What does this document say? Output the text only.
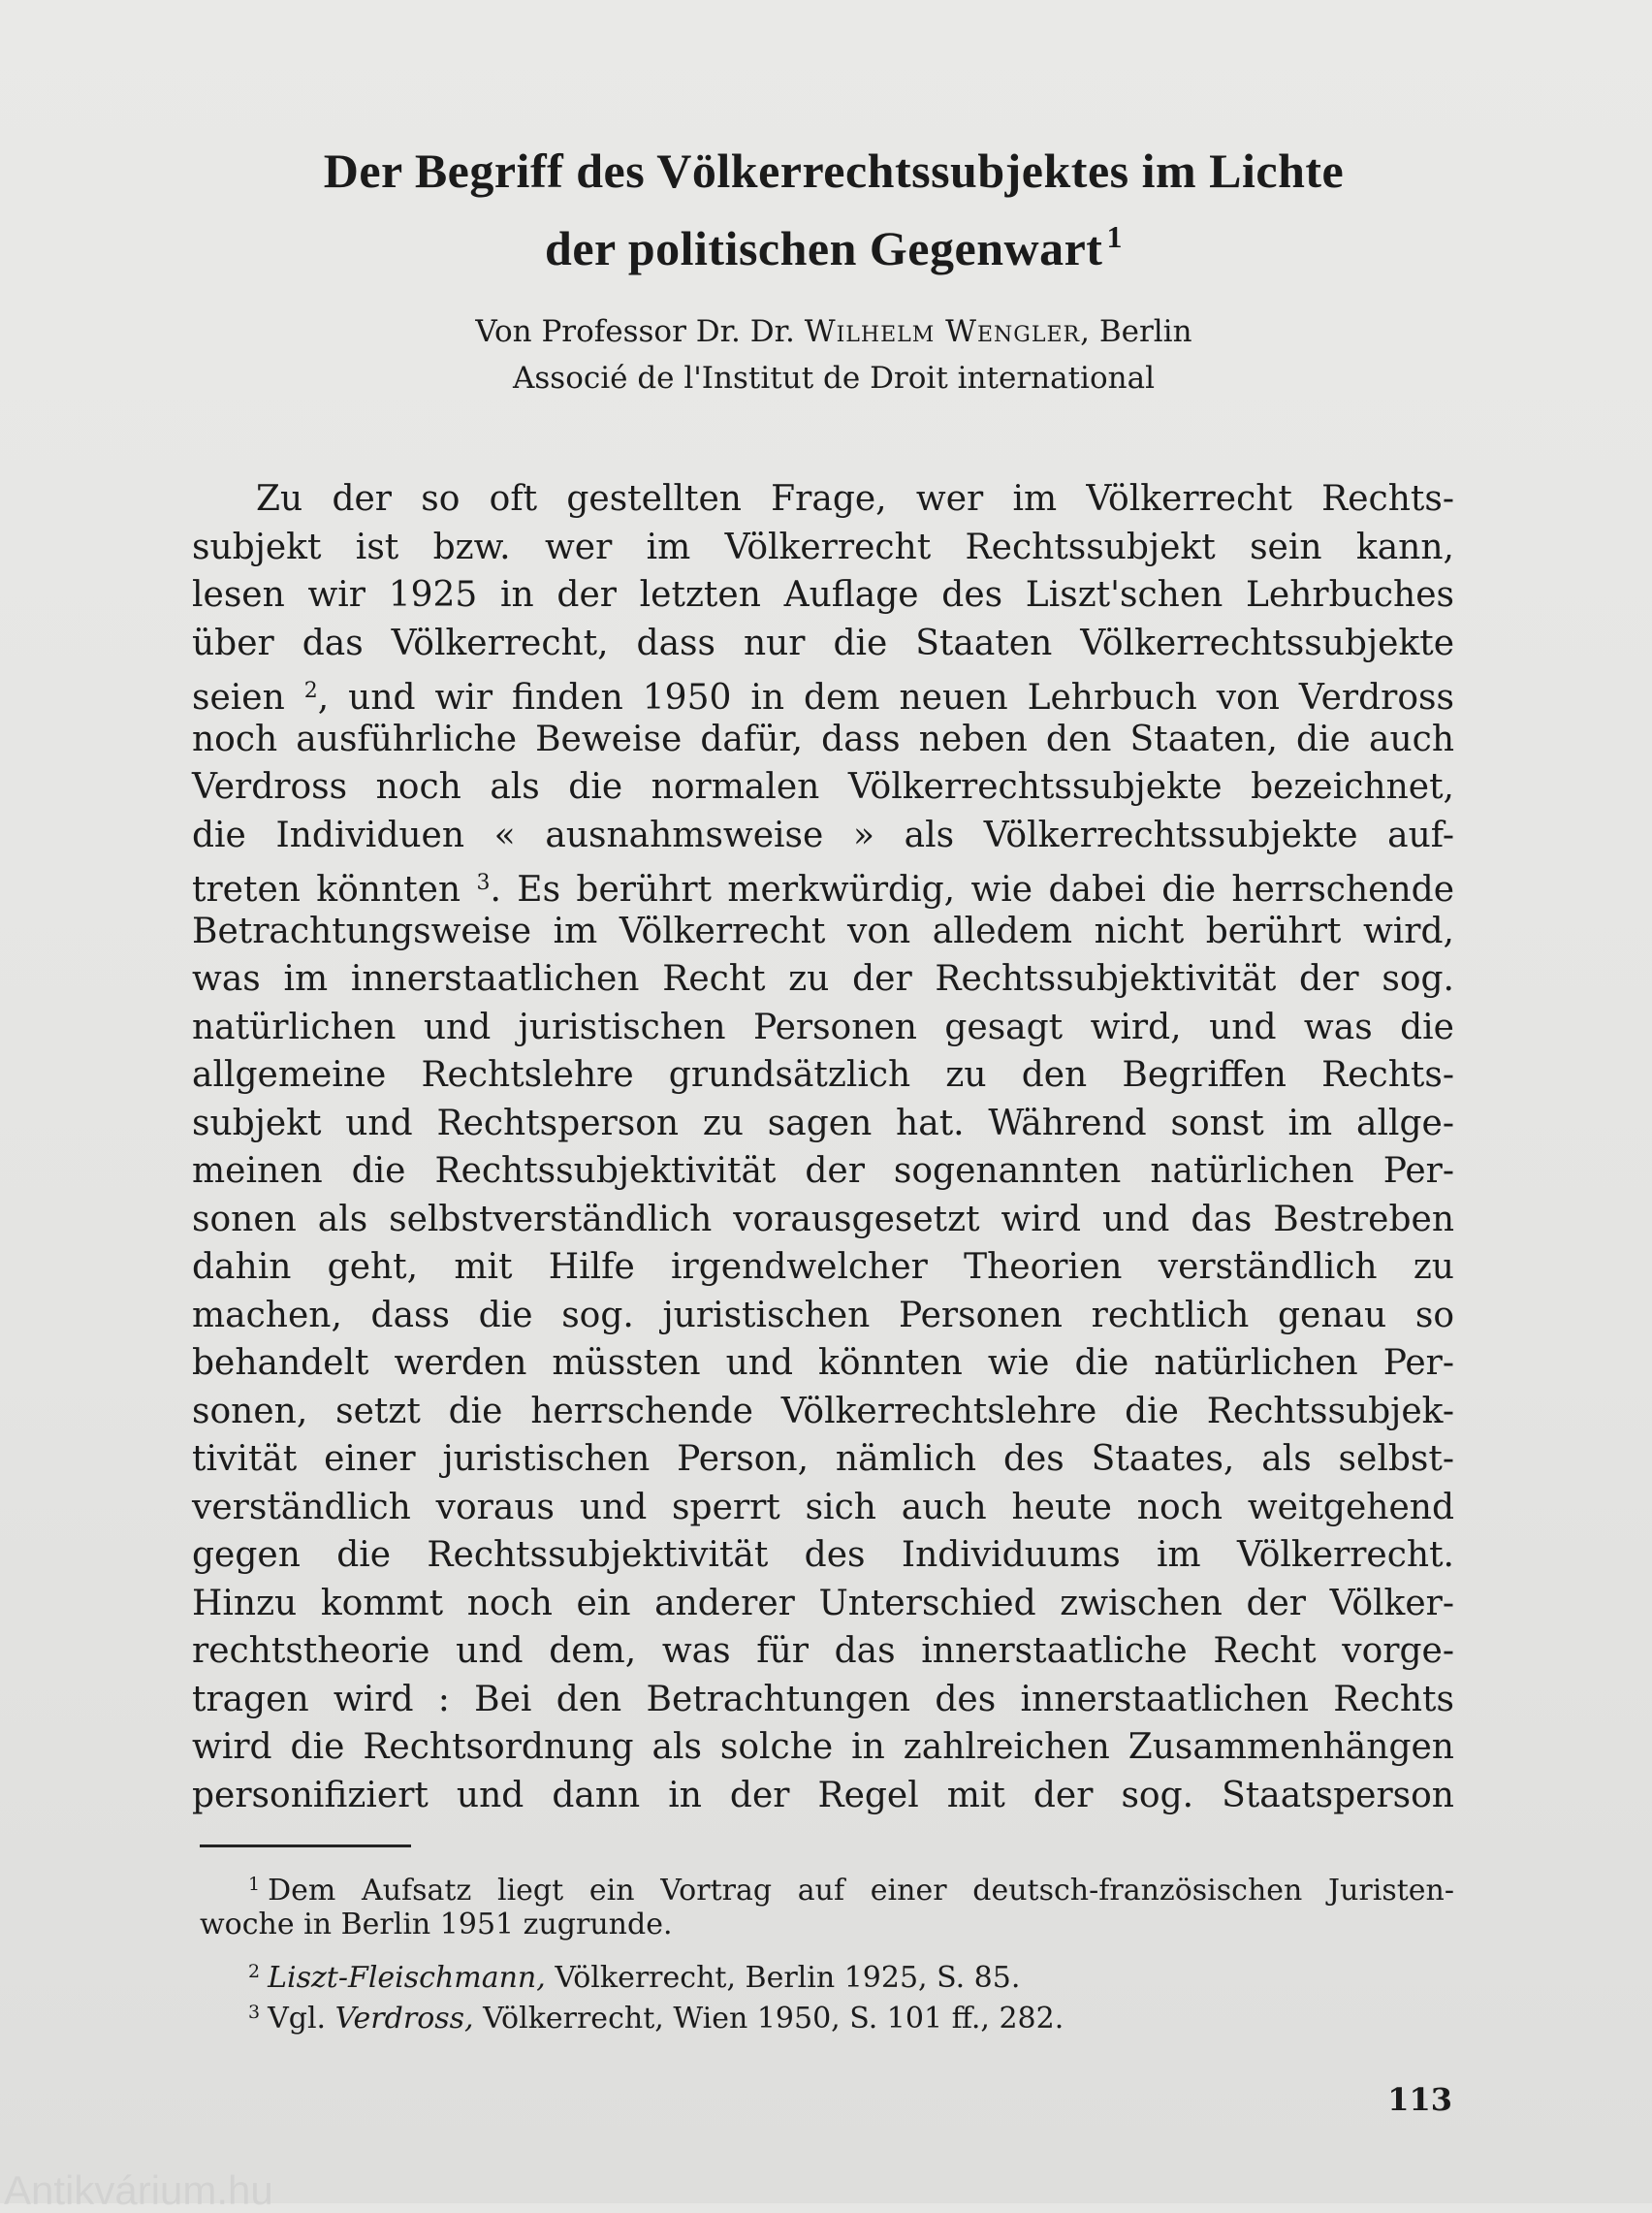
Der Begriff des Völkerrechtssubjektes im Lichte
der politischen Gegenwart $^1$
Von Professor Dr. Dr. Wilhelm Wengler, Berlin
Associé de l'Institut de Droit international
Zu der so oft gestellten Frage, wer im Völkerrecht Rechts-
subjekt ist bzw. wer im Völkerrecht Rechtssubjekt sein kann,
lesen wir 1925 in der letzten Auflage des Liszt'schen Lehrbuches
über das Völkerrecht, dass nur die Staaten Völkerrechtssubjekte
seien $^2$, und wir finden 1950 in dem neuen Lehrbuch von Verdross
noch ausführliche Beweise dafür, dass neben den Staaten, die auch
Verdross noch als die normalen Völkerrechtssubjekte bezeichnet,
die Individuen « ausnahmsweise » als Völkerrechtssubjekte auf-
treten könnten $^3$. Es berührt merkwürdig, wie dabei die herrschende
Betrachtungsweise im Völkerrecht von alledem nicht berührt wird,
was im innerstaatlichen Recht zu der Rechtssubjektivität der sog.
natürlichen und juristischen Personen gesagt wird, und was die
allgemeine Rechtslehre grundsätzlich zu den Begriffen Rechts-
subjekt und Rechtsperson zu sagen hat. Während sonst im allge-
meinen die Rechtssubjektivität der sogenannten natürlichen Per-
sonen als selbstverständlich vorausgesetzt wird und das Bestreben
dahin geht, mit Hilfe irgendwelcher Theorien verständlich zu
machen, dass die sog. juristischen Personen rechtlich genau so
behandelt werden müssten und könnten wie die natürlichen Per-
sonen, setzt die herrschende Völkerrechtslehre die Rechtssubjek-
tivität einer juristischen Person, nämlich des Staates, als selbst-
verständlich voraus und sperrt sich auch heute noch weitgehend
gegen die Rechtssubjektivität des Individuums im Völkerrecht.
Hinzu kommt noch ein anderer Unterschied zwischen der Völker-
rechtstheorie und dem, was für das innerstaatliche Recht vorge-
tragen wird : Bei den Betrachtungen des innerstaatlichen Rechts
wird die Rechtsordnung als solche in zahlreichen Zusammenhängen
personifiziert und dann in der Regel mit der sog. Staatsperson
$^1$ Dem Aufsatz liegt ein Vortrag auf einer deutsch-französischen Juristen-
woche in Berlin 1951 zugrunde.
$^2$ Liszt-Fleischmann, Völkerrecht, Berlin 1925, S. 85.
$^3$ Vgl. Verdross, Völkerrecht, Wien 1950, S. 101 ff., 282.
113
Antikvárium.hu
